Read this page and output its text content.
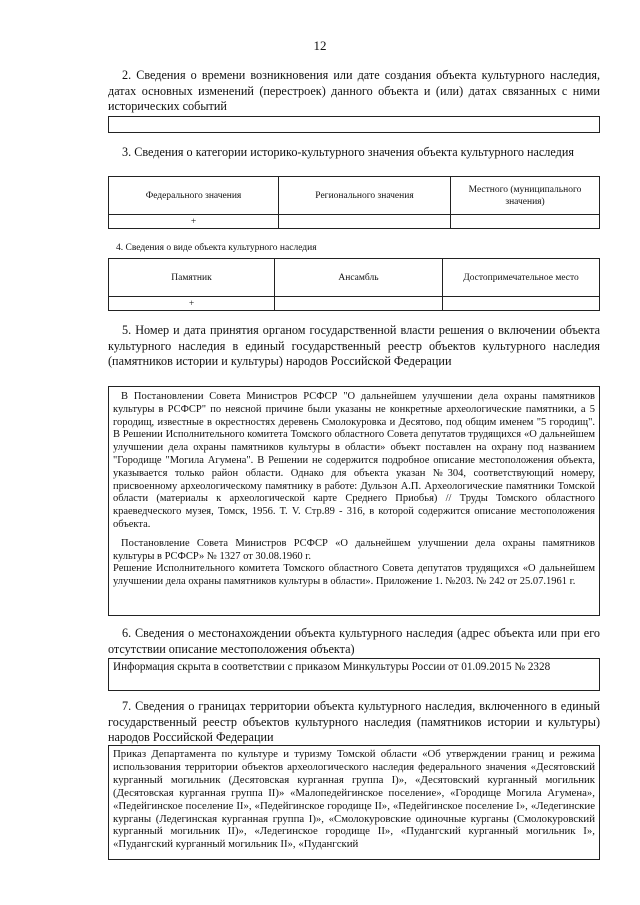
12
2. Сведения о времени возникновения или дате создания объекта культурного наследия, датах основных изменений (перестроек) данного объекта и (или) датах связанных с ними исторических событий
3. Сведения о категории историко-культурного значения объекта культурного наследия
Федерального значения	Регионального значения	Местного (муниципального значения)
+		
4. Сведения о виде объекта культурного наследия
Памятник	Ансамбль	Достопримечательное место
+		
5. Номер и дата принятия органом государственной власти решения о включении объекта культурного наследия в единый государственный реестр объектов культурного наследия (памятников истории и культуры) народов Российской Федерации

В Постановлении Совета Министров РСФСР "О дальнейшем улучшении дела охраны памятников культуры в РСФСР" по неясной причине были указаны не конкретные археологические памятники, а 5 городищ, известные в окрестностях деревень Смолокуровка и Десятово, под общим именем "5 городищ". В Решении Исполнительного комитета Томского областного Совета депутатов трудящихся «О дальнейшем улучшении дела охраны памятников культуры в области» объект поставлен на охрану под названием "Городище "Могила Агумена". В Решении не содержится подробное описание местоположения объекта, указывается только район области. Однако для объекта указан №304, соответствующий номеру, присвоенному археологическому памятнику в работе: Дульзон А.П. Археологические памятники Томской области (материалы к археологической карте Среднего Приобья) // Труды Томского областного краеведческого музея, Томск, 1956. Т. V. Стр.89 - 316, в которой содержится описание местоположения объекта.

Постановление Совета Министров РСФСР «О дальнейшем улучшении дела охраны памятников культуры в РСФСР» № 1327 от 30.08.1960 г.

Решение Исполнительного комитета Томского областного Совета депутатов трудящихся «О дальнейшем улучшении дела охраны памятников культуры в области». Приложение 1. №203. № 242 от 25.07.1961 г.

6. Сведения о местонахождении объекта культурного наследия (адрес объекта или при его отсутствии описание местоположения объекта)
Информация скрыта в соответствии с приказом Минкультуры России от 01.09.2015 № 2328
7. Сведения о границах территории объекта культурного наследия, включенного в единый государственный реестр объектов культурного наследия (памятников истории и культуры) народов Российской Федерации
Приказ Департамента по культуре и туризму Томской области «Об утверждении границ и режима использования территории объектов археологического наследия федерального значения «Десятовский курганный могильник (Десятовская курганная группа I)», «Десятовский курганный могильник (Десятовская курганная группа II)» «Малопедейгинское поселение», «Городище Могила Агумена», «Педейгинское поселение II», «Педейгинское городище II», «Педейгинское поселение I», «Ледегинские курганы (Ледегинская курганная группа I)», «Смолокуровские одиночные курганы (Смолокуровский курганный могильник II)», «Ледегинское городище II», «Пудангский курганный могильник I», «Пудангский курганный могильник II», «Пудангский
